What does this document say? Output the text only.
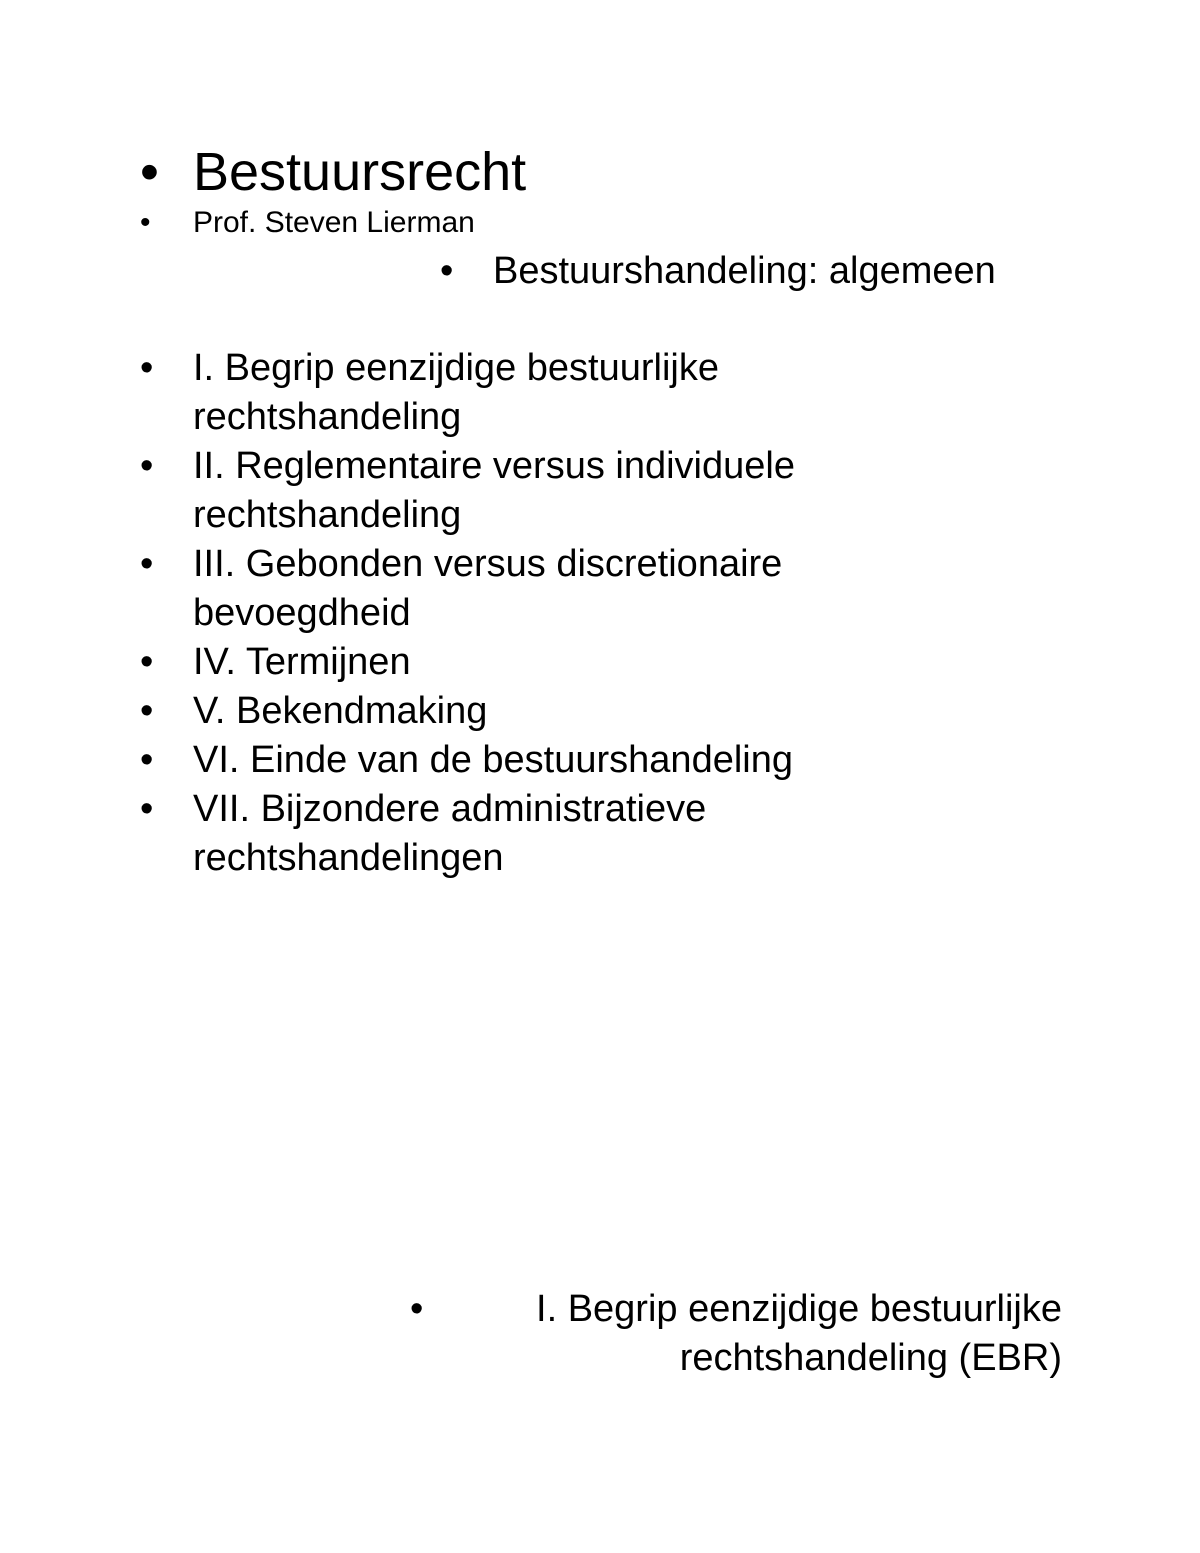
• Bestuursrecht
•	Prof. Steven Lierman
•	Bestuurshandeling: algemeen
•	I. Begrip eenzijdige bestuurlijke rechtshandeling
•	II. Reglementaire versus individuele rechtshandeling
•	III. Gebonden versus discretionaire bevoegdheid
•	IV. Termijnen
•	V. Bekendmaking
•	VI. Einde van de bestuurshandeling
•	VII. Bijzondere administratieve rechtshandelingen
•	I. Begrip eenzijdige bestuurlijke rechtshandeling (EBR)
